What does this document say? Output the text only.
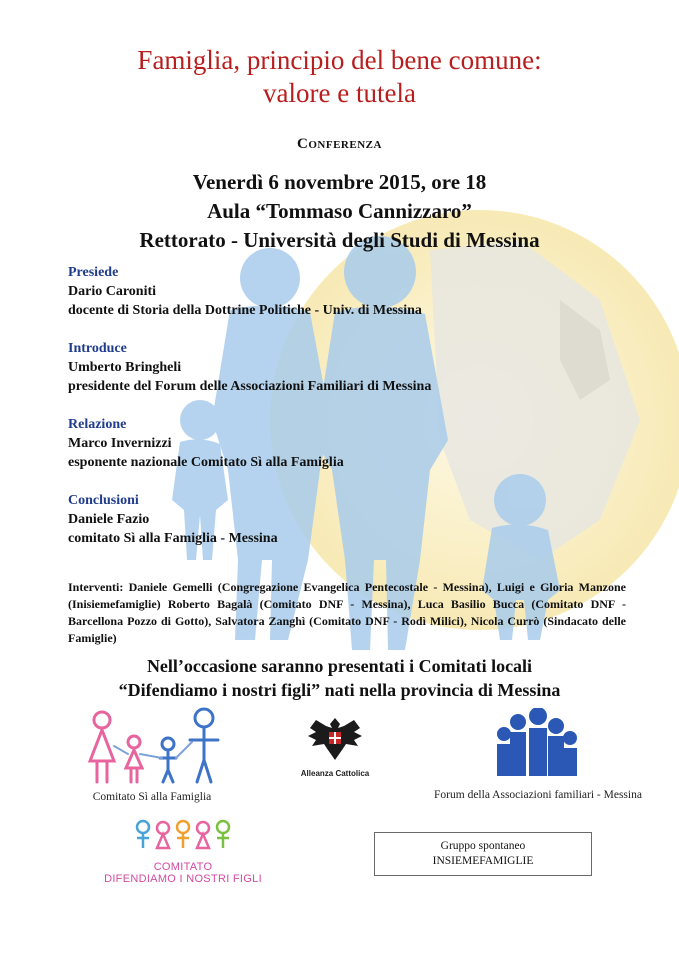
Famiglia, principio del bene comune:
valore e tutela
Conferenza
Venerdì 6 novembre 2015, ore 18
Aula “Tommaso Cannizzaro”
Rettorato - Università degli Studi di Messina
Presiede
Dario Caroniti
docente di Storia della Dottrine Politiche - Univ. di Messina
Introduce
Umberto Bringheli
presidente del Forum delle Associazioni Familiari di Messina
Relazione
Marco Invernizzi
esponente nazionale Comitato Sì alla Famiglia
Conclusioni
Daniele Fazio
comitato Sì alla Famiglia - Messina
Interventi: Daniele Gemelli (Congregazione Evangelica Pentecostale - Messina), Luigi e Gloria Manzone (Inisiemefamiglie) Roberto Bagalà (Comitato DNF - Messina), Luca Basilio Bucca (Comitato DNF - Barcellona Pozzo di Gotto), Salvatora Zanghì (Comitato DNF - Rodì Milici), Nicola Currò (Sindacato delle Famiglie)
Nell’occasione saranno presentati i Comitati locali
“Difendiamo i nostri figli” nati nella provincia di Messina
Comitato Sì alla Famiglia
Alleanza Cattolica
Forum della Associazioni familiari - Messina
COMITATO
DIFENDIAMO I NOSTRI FIGLI
Gruppo spontaneo
INSIEMEFAMIGLIE
